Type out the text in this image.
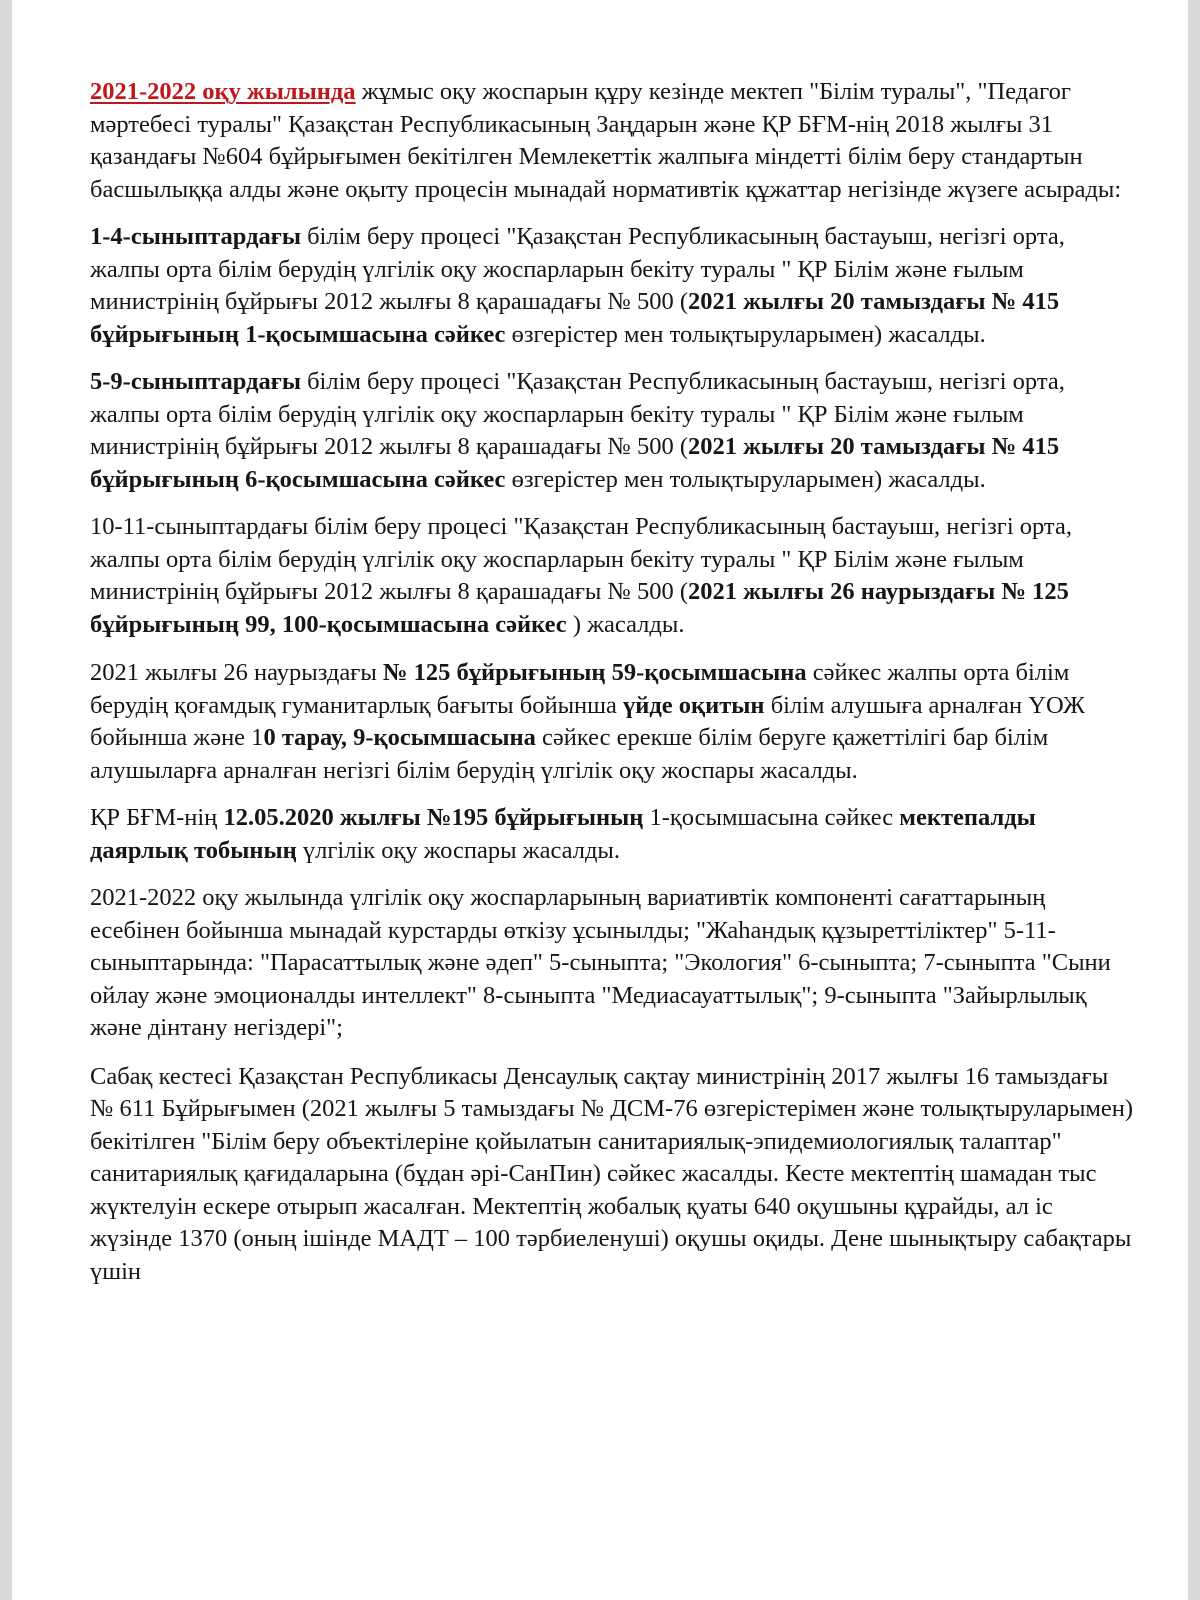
2021-2022 оқу жылында жұмыс оқу жоспарын құру кезінде мектеп "Білім туралы", "Педагог мәртебесі туралы" Қазақстан Республикасының Заңдарын және ҚР БҒМ-нің 2018 жылғы 31 қазандағы №604 бұйрығымен бекітілген Мемлекеттік жалпыға міндетті білім беру стандартын басшылыққа алды және оқыту процесін мынадай нормативтік құжаттар негізінде жүзеге асырады:

1-4-сыныптардағы білім беру процесі "Қазақстан Республикасының бастауыш, негізгі орта, жалпы орта білім берудің үлгілік оқу жоспарларын бекіту туралы " ҚР Білім және ғылым министрінің бұйрығы 2012 жылғы 8 қарашадағы № 500 (2021 жылғы 20 тамыздағы № 415 бұйрығының 1-қосымшасына сәйкес өзгерістер мен толықтыруларымен) жасалды.

5-9-сыныптардағы білім беру процесі "Қазақстан Республикасының бастауыш, негізгі орта, жалпы орта білім берудің үлгілік оқу жоспарларын бекіту туралы " ҚР Білім және ғылым министрінің бұйрығы 2012 жылғы 8 қарашадағы № 500 (2021 жылғы 20 тамыздағы № 415 бұйрығының 6-қосымшасына сәйкес өзгерістер мен толықтыруларымен) жасалды.

10-11-сыныптардағы білім беру процесі "Қазақстан Республикасының бастауыш, негізгі орта, жалпы орта білім берудің үлгілік оқу жоспарларын бекіту туралы " ҚР Білім және ғылым министрінің бұйрығы 2012 жылғы 8 қарашадағы № 500 (2021 жылғы 26 наурыздағы № 125 бұйрығының 99, 100-қосымшасына сәйкес ) жасалды.

2021 жылғы 26 наурыздағы № 125 бұйрығының 59-қосымшасына сәйкес жалпы орта білім берудің қоғамдық гуманитарлық бағыты бойынша үйде оқитын білім алушыға арналған ҮОЖ бойынша және 10 тарау, 9-қосымшасына сәйкес ерекше білім беруге қажеттілігі бар білім алушыларға арналған негізгі білім берудің үлгілік оқу жоспары жасалды.

ҚР БҒМ-нің 12.05.2020 жылғы №195 бұйрығының 1-қосымшасына сәйкес мектепалды даярлық тобының үлгілік оқу жоспары жасалды.

2021-2022 оқу жылында үлгілік оқу жоспарларының вариативтік компоненті сағаттарының есебінен бойынша мынадай курстарды өткізу ұсынылды; "Жаһандық құзыреттіліктер" 5-11-сыныптарында: "Парасаттылық және әдеп" 5-сыныпта; "Экология" 6-сыныпта; 7-сыныпта "Сыни ойлау және эмоционалды интеллект" 8-сыныпта "Медиасауаттылық"; 9-сыныпта "Зайырлылық және дінтану негіздері";

Сабақ кестесі Қазақстан Республикасы Денсаулық сақтау министрінің 2017 жылғы 16 тамыздағы № 611 Бұйрығымен (2021 жылғы 5 тамыздағы № ДСМ-76 өзгерістерімен және толықтыруларымен) бекітілген "Білім беру объектілеріне қойылатын санитариялық-эпидемиологиялық талаптар" санитариялық қағидаларына (бұдан әрі-СанПин) сәйкес жасалды. Кесте мектептің шамадан тыс жүктелуін ескере отырып жасалған. Мектептің жобалық қуаты 640 оқушыны құрайды, ал іс жүзінде 1370 (оның ішінде МАДТ – 100 тәрбиеленуші) оқушы оқиды. Дене шынықтыру сабақтары үшін
